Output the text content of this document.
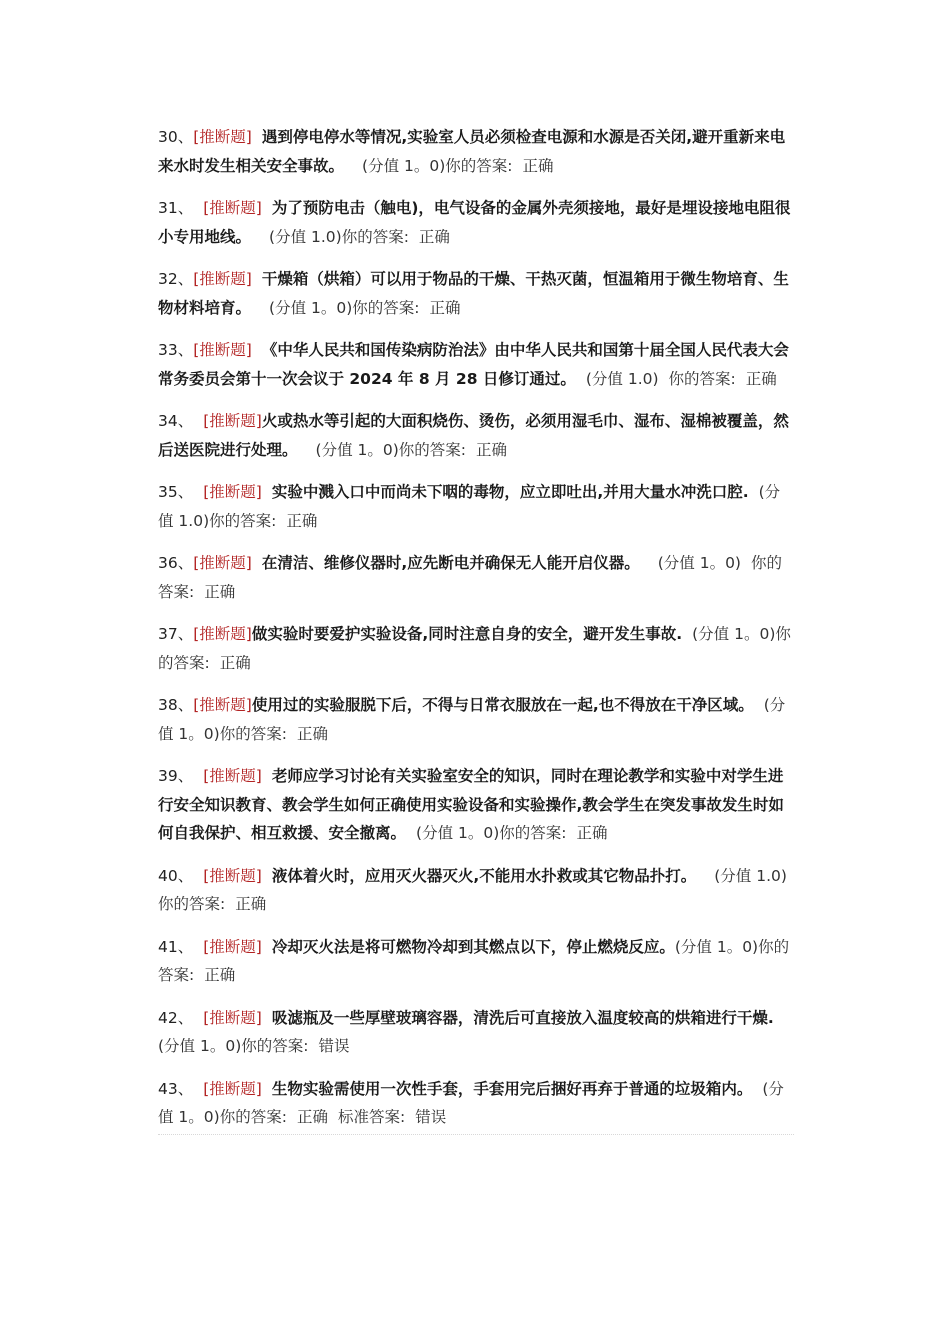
30、[推断题] 遇到停电停水等情况,实验室人员必须检查电源和水源是否关闭,避开重新来电来水时发生相关安全事故。 (分值 1。0)你的答案: 正确
31、 [推断题] 为了预防电击（触电)，电气设备的金属外壳须接地，最好是埋设接地电阻很小专用地线。 (分值 1.0)你的答案: 正确
32、[推断题] 干燥箱（烘箱）可以用于物品的干燥、干热灭菌，恒温箱用于微生物培育、生物材料培育。 (分值 1。0)你的答案: 正确
33、[推断题] 《中华人民共和国传染病防治法》由中华人民共和国第十届全国人民代表大会常务委员会第十一次会议于 2024 年 8 月 28 日修订通过。 (分值 1.0) 你的答案: 正确
34、 [推断题]火或热水等引起的大面积烧伤、烫伤，必须用湿毛巾、湿布、湿棉被覆盖，然后送医院进行处理。 (分值 1。0)你的答案: 正确
35、 [推断题] 实验中溅入口中而尚未下咽的毒物，应立即吐出,并用大量水冲洗口腔. (分值 1.0)你的答案: 正确
36、[推断题] 在清洁、维修仪器时,应先断电并确保无人能开启仪器。 (分值 1。0) 你的答案: 正确
37、[推断题]做实验时要爱护实验设备,同时注意自身的安全，避开发生事故. (分值 1。0)你的答案: 正确
38、[推断题]使用过的实验服脱下后，不得与日常衣服放在一起,也不得放在干净区域。 (分值 1。0)你的答案: 正确
39、 [推断题] 老师应学习讨论有关实验室安全的知识，同时在理论教学和实验中对学生进行安全知识教育、教会学生如何正确使用实验设备和实验操作,教会学生在突发事故发生时如何自我保护、相互救援、安全撤离。 (分值 1。0)你的答案: 正确
40、 [推断题] 液体着火时，应用灭火器灭火,不能用水扑救或其它物品扑打。 (分值 1.0)你的答案: 正确
41、 [推断题] 冷却灭火法是将可燃物冷却到其燃点以下，停止燃烧反应。(分值 1。0)你的答案: 正确
42、 [推断题] 吸滤瓶及一些厚壁玻璃容器，清洗后可直接放入温度较高的烘箱进行干燥.(分值 1。0)你的答案: 错误
43、 [推断题] 生物实验需使用一次性手套，手套用完后捆好再弃于普通的垃圾箱内。 (分值 1。0)你的答案: 正确 标准答案: 错误
